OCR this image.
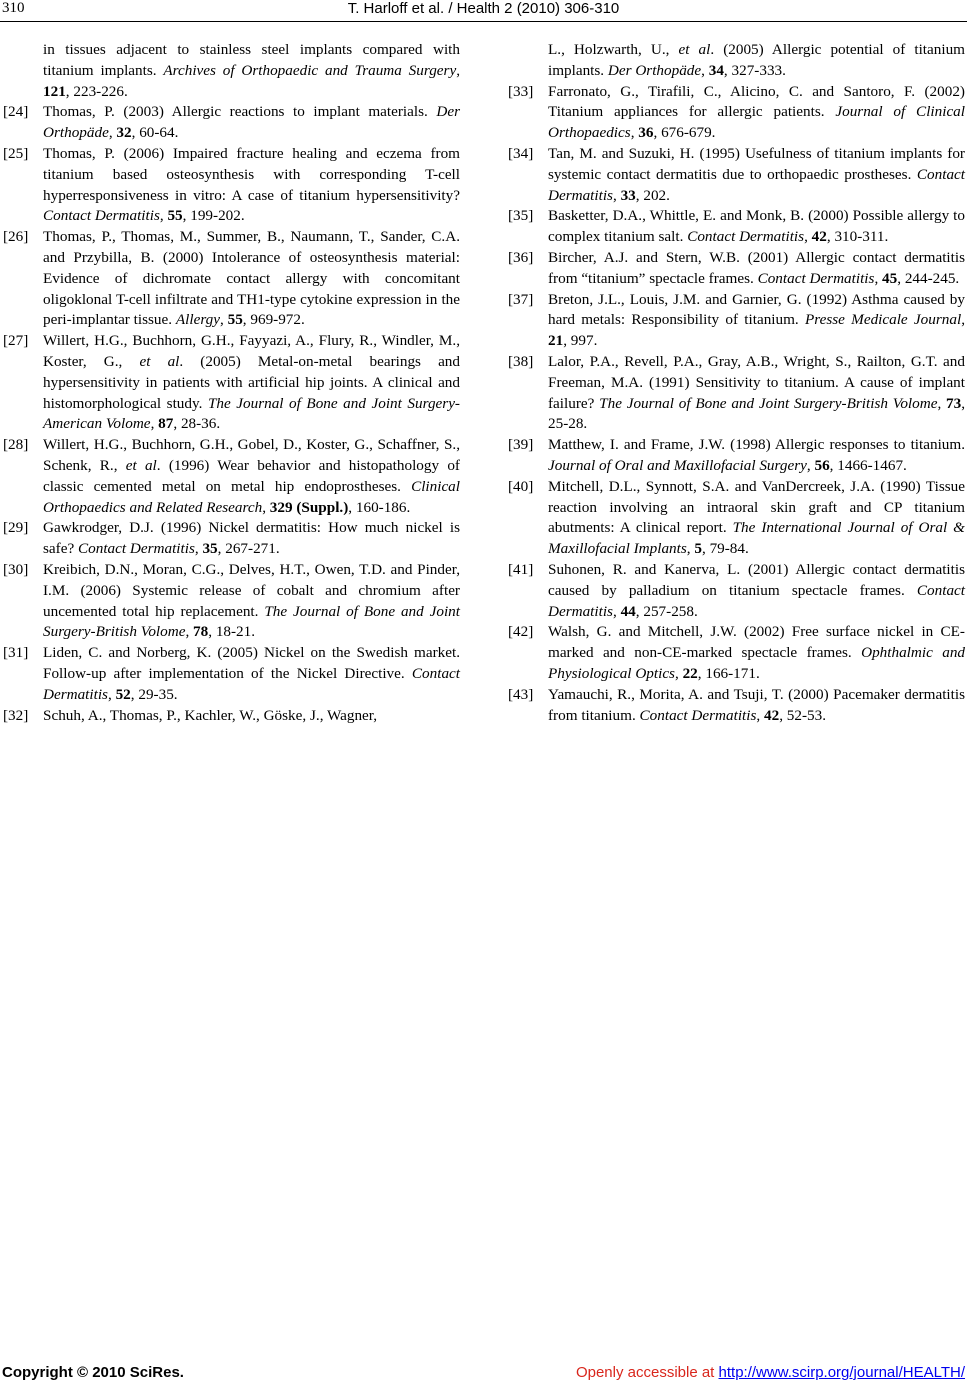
310	T. Harloff et al. / Health 2 (2010) 306-310
in tissues adjacent to stainless steel implants compared with titanium implants. Archives of Orthopaedic and Trauma Surgery, 121, 223-226.
[24] Thomas, P. (2003) Allergic reactions to implant materials. Der Orthopäde, 32, 60-64.
[25] Thomas, P. (2006) Impaired fracture healing and eczema from titanium based osteosynthesis with corresponding T-cell hyperresponsiveness in vitro: A case of titanium hypersensitivity? Contact Dermatitis, 55, 199-202.
[26] Thomas, P., Thomas, M., Summer, B., Naumann, T., Sander, C.A. and Przybilla, B. (2000) Intolerance of osteosynthesis material: Evidence of dichromate contact allergy with concomitant oligoklonal T-cell infiltrate and TH1-type cytokine expression in the peri-implantar tissue. Allergy, 55, 969-972.
[27] Willert, H.G., Buchhorn, G.H., Fayyazi, A., Flury, R., Windler, M., Koster, G., et al. (2005) Metal-on-metal bearings and hypersensitivity in patients with artificial hip joints. A clinical and histomorphological study. The Journal of Bone and Joint Surgery-American Volome, 87, 28-36.
[28] Willert, H.G., Buchhorn, G.H., Gobel, D., Koster, G., Schaffner, S., Schenk, R., et al. (1996) Wear behavior and histopathology of classic cemented metal on metal hip endoprostheses. Clinical Orthopaedics and Related Research, 329 (Suppl.), 160-186.
[29] Gawkrodger, D.J. (1996) Nickel dermatitis: How much nickel is safe? Contact Dermatitis, 35, 267-271.
[30] Kreibich, D.N., Moran, C.G., Delves, H.T., Owen, T.D. and Pinder, I.M. (2006) Systemic release of cobalt and chromium after uncemented total hip replacement. The Journal of Bone and Joint Surgery-British Volome, 78, 18-21.
[31] Liden, C. and Norberg, K. (2005) Nickel on the Swedish market. Follow-up after implementation of the Nickel Directive. Contact Dermatitis, 52, 29-35.
[32] Schuh, A., Thomas, P., Kachler, W., Göske, J., Wagner,
L., Holzwarth, U., et al. (2005) Allergic potential of titanium implants. Der Orthopäde, 34, 327-333.
[33] Farronato, G., Tirafili, C., Alicino, C. and Santoro, F. (2002) Titanium appliances for allergic patients. Journal of Clinical Orthopaedics, 36, 676-679.
[34] Tan, M. and Suzuki, H. (1995) Usefulness of titanium implants for systemic contact dermatitis due to orthopaedic prostheses. Contact Dermatitis, 33, 202.
[35] Basketter, D.A., Whittle, E. and Monk, B. (2000) Possible allergy to complex titanium salt. Contact Dermatitis, 42, 310-311.
[36] Bircher, A.J. and Stern, W.B. (2001) Allergic contact dermatitis from “titanium” spectacle frames. Contact Dermatitis, 45, 244-245.
[37] Breton, J.L., Louis, J.M. and Garnier, G. (1992) Asthma caused by hard metals: Responsibility of titanium. Presse Medicale Journal, 21, 997.
[38] Lalor, P.A., Revell, P.A., Gray, A.B., Wright, S., Railton, G.T. and Freeman, M.A. (1991) Sensitivity to titanium. A cause of implant failure? The Journal of Bone and Joint Surgery-British Volome, 73, 25-28.
[39] Matthew, I. and Frame, J.W. (1998) Allergic responses to titanium. Journal of Oral and Maxillofacial Surgery, 56, 1466-1467.
[40] Mitchell, D.L., Synnott, S.A. and VanDercreek, J.A. (1990) Tissue reaction involving an intraoral skin graft and CP titanium abutments: A clinical report. The International Journal of Oral & Maxillofacial Implants, 5, 79-84.
[41] Suhonen, R. and Kanerva, L. (2001) Allergic contact dermatitis caused by palladium on titanium spectacle frames. Contact Dermatitis, 44, 257-258.
[42] Walsh, G. and Mitchell, J.W. (2002) Free surface nickel in CE-marked and non-CE-marked spectacle frames. Ophthalmic and Physiological Optics, 22, 166-171.
[43] Yamauchi, R., Morita, A. and Tsuji, T. (2000) Pacemaker dermatitis from titanium. Contact Dermatitis, 42, 52-53.
Copyright © 2010 SciRes.	Openly accessible at http://www.scirp.org/journal/HEALTH/
